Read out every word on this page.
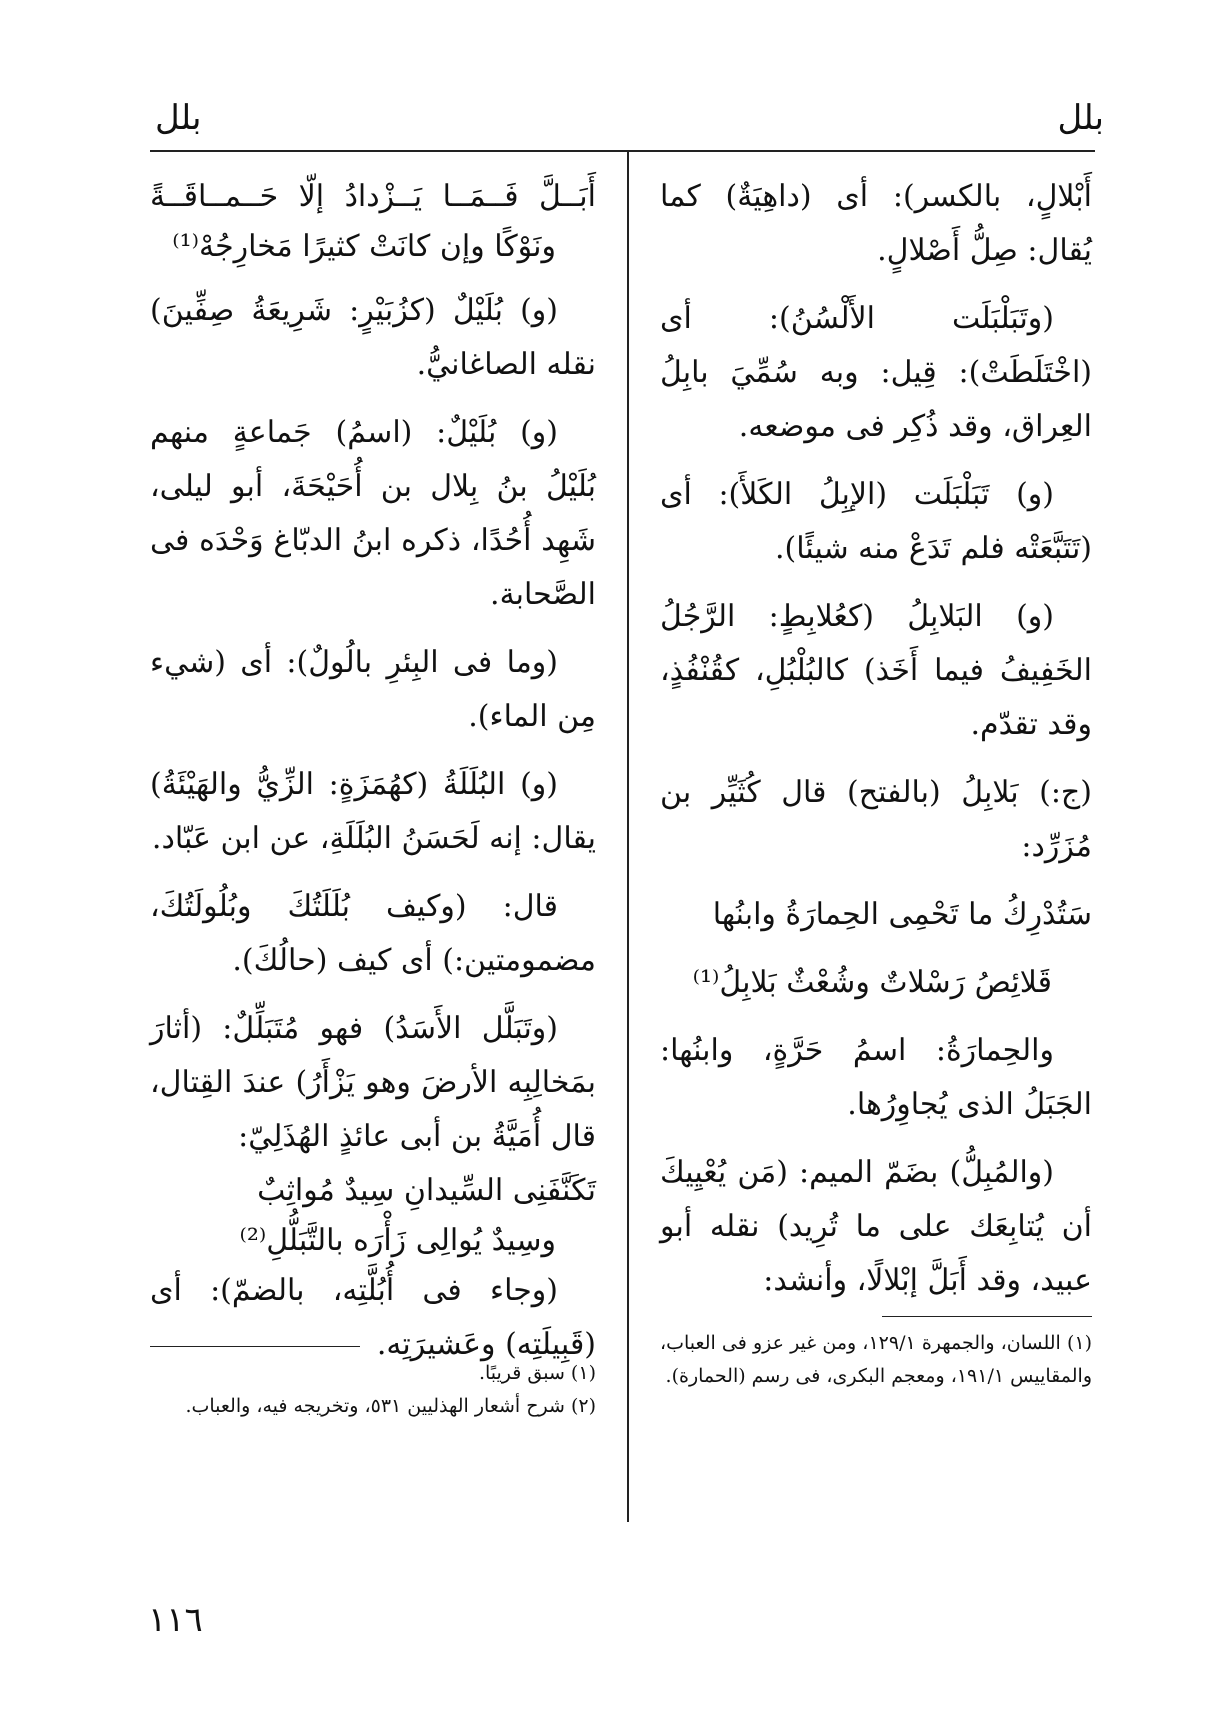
بلل	بلل

أَبْلالٍ، بالكسر): أى (داهِيَةٌ) كما يُقال: صِلُّ أَصْلالٍ.

(وتَبَلْبَلَت الأَلْسُنُ): أى (اخْتَلَطَتْ): قِيل: وبه سُمِّيَ بابِلُ العِراق، وقد ذُكِر فى موضعه.

(و) تَبَلْبَلَت (الإبِلُ الكَلأَ): أى (تَتَبَّعَتْه فلم تَدَعْ منه شيئًا).

(و) البَلابِلُ (كعُلابِطٍ: الرَّجُلُ الخَفِيفُ فيما أَخَذ) كالبُلْبُلِ، كقُنْفُذٍ، وقد تقدّم.

(ج:) بَلابِلُ (بالفتح) قال كُثَيِّر بن مُزَرِّد:

سَتُدْرِكُ ما تَحْمِى الحِمارَةُ وابنُها

قَلائِصُ رَسْلاتٌ وشُعْثٌ بَلابِلُ⁽¹⁾

والحِمارَةُ: اسمُ حَرَّةٍ، وابنُها: الجَبَلُ الذى يُجاوِرُها.

(والمُبِلُّ) بضَمّ الميم: (مَن يُعْيِيكَ أن يُتابِعَك على ما تُرِيد) نقله أبو عبيد، وقد أَبَلَّ إبْلالًا، وأنشد:

(١) اللسان، والجمهرة ١٢٩/١، ومن غير عزو فى العباب، والمقاييس ١٩١/١، ومعجم البكرى، فى رسم (الحمارة).

أَبَــلَّ فَــمَــا يَــزْدادُ إلّا حَــمــاقَــةً

ونَوْكًا وإن كانَتْ كثيرًا مَخارِجُهْ⁽¹⁾

(و) بُلَيْلٌ (كزُبَيْرٍ: شَرِيعَةُ صِفِّينَ) نقله الصاغانيُّ.

(و) بُلَيْلٌ: (اسمُ) جَماعةٍ منهم بُلَيْلُ بنُ بِلال بن أُحَيْحَةَ، أبو ليلى، شَهِد أُحُدًا، ذكره ابنُ الدبّاغ وَحْدَه فى الصَّحابة.

(وما فى البِئرِ بالُولٌ): أى (شيء مِن الماء).

(و) البُلَلَةُ (كهُمَزَةٍ: الزِّيُّ والهَيْئَةُ) يقال: إنه لَحَسَنُ البُلَلَةِ، عن ابن عَبّاد.

قال: (وكيف بُلَلَتُكَ وبُلُولَتُكَ، مضمومتين:) أى كيف (حالُكَ).

(وتَبَلَّل الأَسَدُ) فهو مُتَبَلِّلٌ: (أثارَ بمَخالِبِه الأرضَ وهو يَزْأَرُ) عندَ القِتال، قال أُمَيَّةُ بن أبى عائذٍ الهُذَلِيّ:

تَكَنَّفَنِى السِّيدانِ سِيدٌ مُواثِبٌ

وسِيدٌ يُوالِى زَأْرَه بالتَّبَلُّلِ⁽²⁾

(وجاء فى أُبُلَّتِه، بالضمّ): أى (قَبِيلَتِه) وعَشيرَتِه.

(١) سبق قريبًا.

(٢) شرح أشعار الهذليين ٥٣١، وتخريجه فيه، والعباب.

١١٦
